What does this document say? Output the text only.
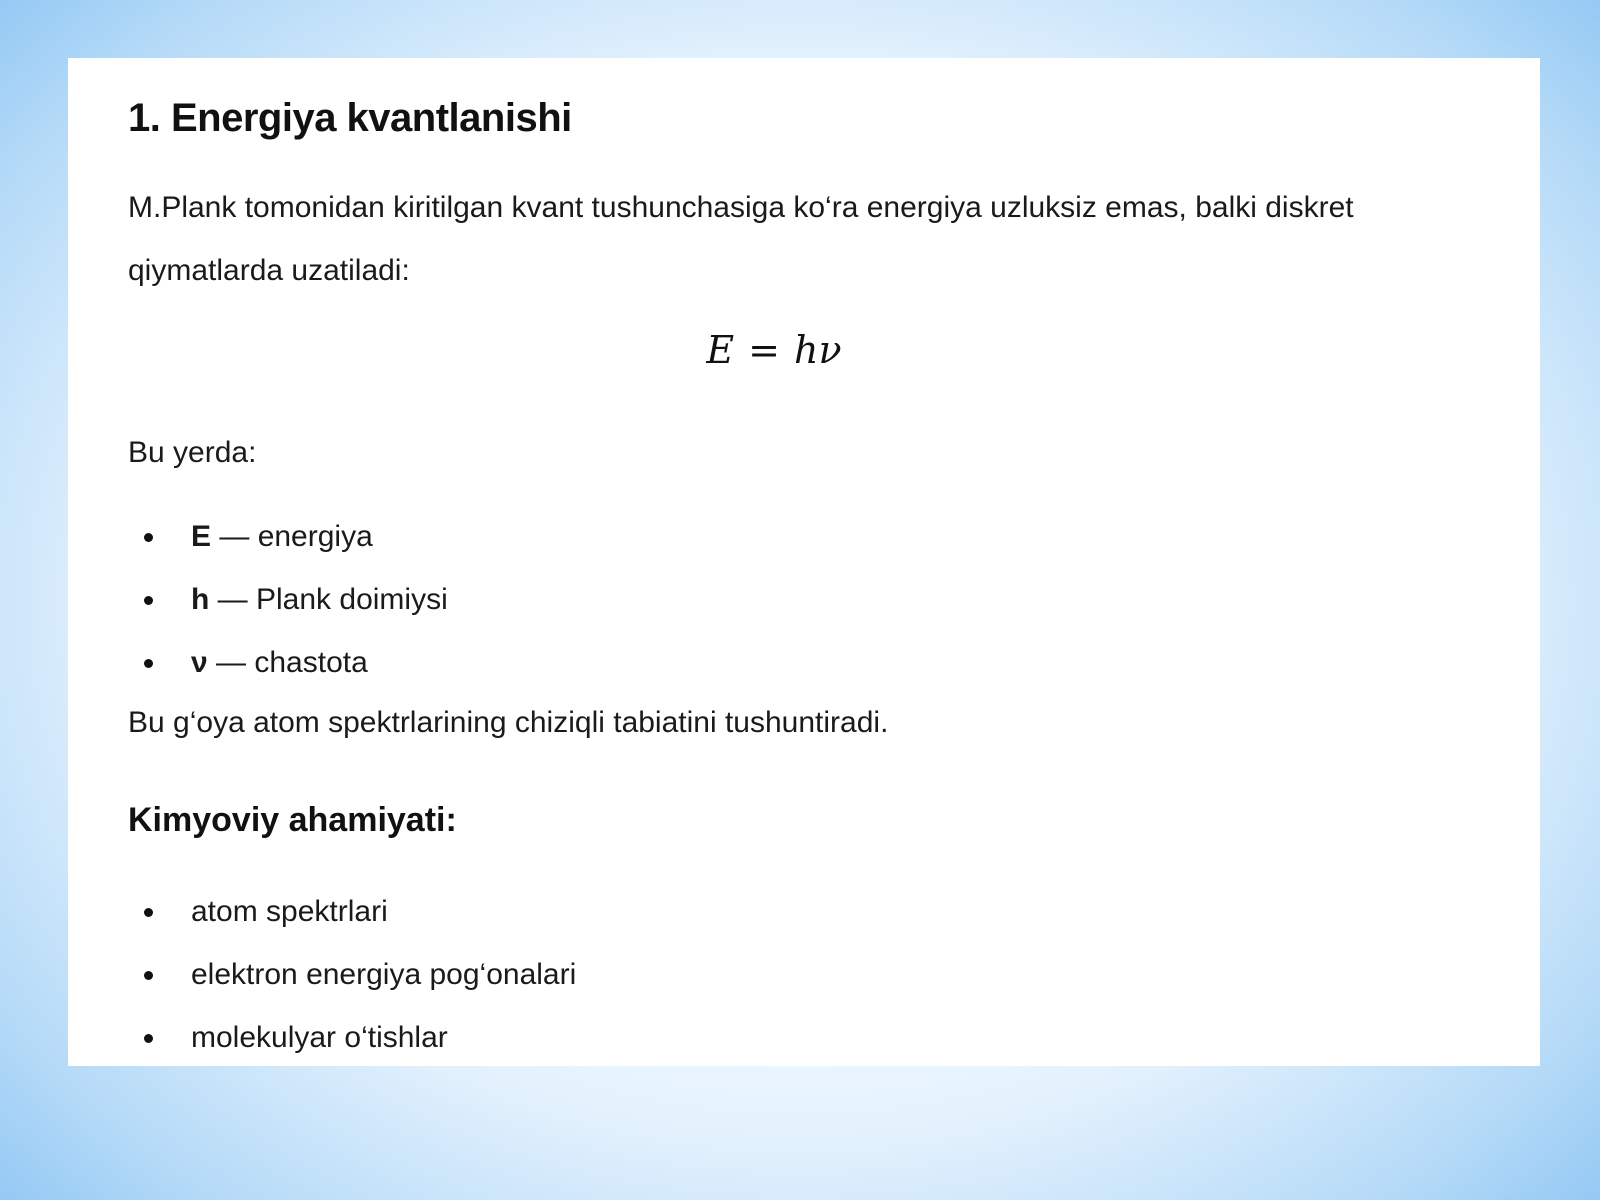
1. Energiya kvantlanishi

M.Plank tomonidan kiritilgan kvant tushunchasiga ko‘ra energiya uzluksiz emas, balki diskret qiymatlarda uzatiladi:

E = hν

Bu yerda:

E — energiya
h — Plank doimiysi
ν — chastota

Bu g‘oya atom spektrlarining chiziqli tabiatini tushuntiradi.

Kimyoviy ahamiyati:
atom spektrlari
elektron energiya pog‘onalari
molekulyar o‘tishlar
